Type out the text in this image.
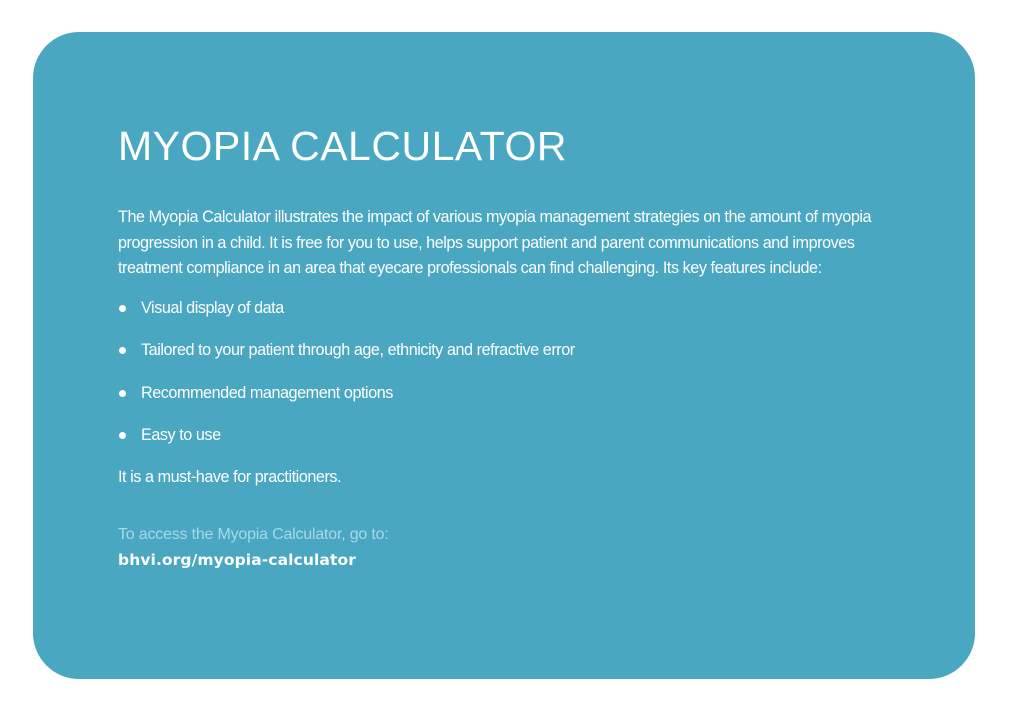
MYOPIA CALCULATOR

The Myopia Calculator illustrates the impact of various myopia management strategies on the amount of myopia progression in a child. It is free for you to use, helps support patient and parent communications and improves treatment compliance in an area that eyecare professionals can find challenging. Its key features include:

Visual display of data
Tailored to your patient through age, ethnicity and refractive error
Recommended management options
Easy to use

It is a must-have for practitioners.

To access the Myopia Calculator, go to:

bhvi.org/myopia-calculator
